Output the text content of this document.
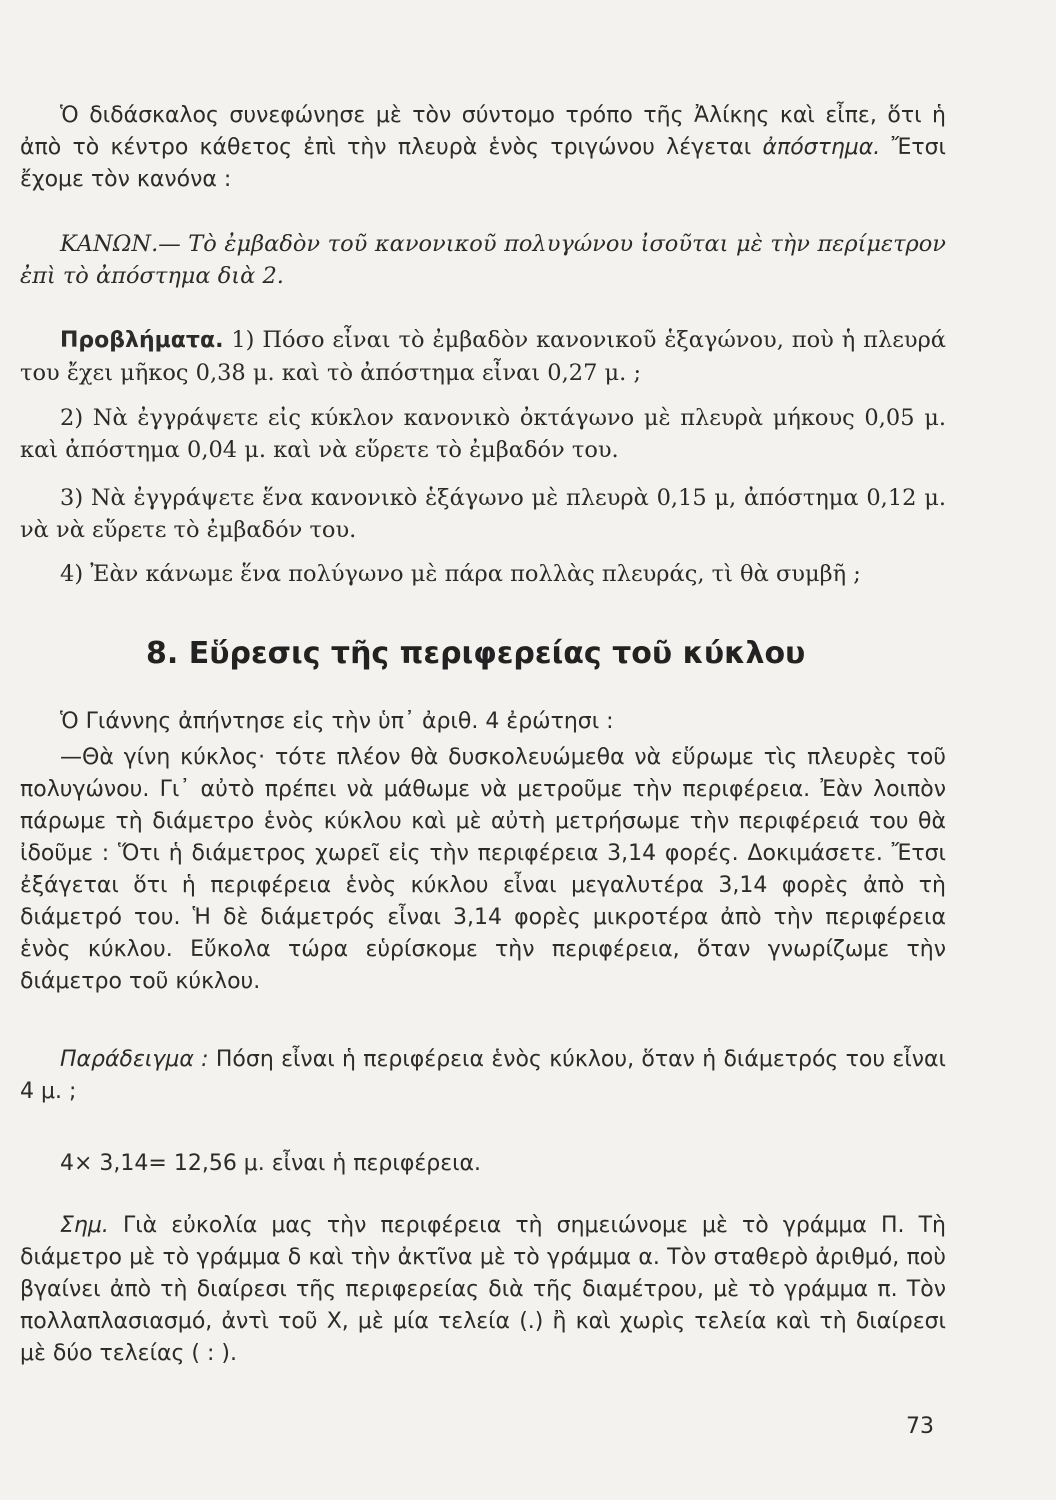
Ὁ διδάσκαλος συνεφώνησε μὲ τὸν σύντομο τρόπο τῆς Ἀλίκης καὶ εἶπε, ὅτι ἡ ἀπὸ τὸ κέντρο κάθετος ἐπὶ τὴν πλευρὰ ἑνὸς τριγώνου λέγεται ἀπόστημα. Ἔτσι ἔχομε τὸν κανόνα :

ΚΑΝΩΝ.— Τὸ ἐμβαδὸν τοῦ κανονικοῦ πολυγώνου ἰσοῦται μὲ τὴν περίμετρον ἐπὶ τὸ ἀπόστημα διὰ 2.

Προβλήματα. 1) Πόσο εἶναι τὸ ἐμβαδὸν κανονικοῦ ἑξαγώνου, ποὺ ἡ πλευρά του ἔχει μῆκος 0,38 μ. καὶ τὸ ἀπόστημα εἶναι 0,27 μ. ;

2) Νὰ ἐγγράψετε εἰς κύκλον κανονικὸ ὀκτάγωνο μὲ πλευρὰ μήκους 0,05 μ. καὶ ἀπόστημα 0,04 μ. καὶ νὰ εὕρετε τὸ ἐμβαδόν του.

3) Νὰ ἐγγράψετε ἕνα κανονικὸ ἑξάγωνο μὲ πλευρὰ 0,15 μ, ἀπόστημα 0,12 μ. νὰ νὰ εὕρετε τὸ ἐμβαδόν του.

4) Ἐὰν κάνωμε ἕνα πολύγωνο μὲ πάρα πολλὰς πλευράς, τὶ θὰ συμβῆ ;

8. Εὕρεσις τῆς περιφερείας τοῦ κύκλου

Ὁ Γιάννης ἀπήντησε εἰς τὴν ὑπ᾿ ἀριθ. 4 ἐρώτησι :

—Θὰ γίνη κύκλος· τότε πλέον θὰ δυσκολευώμεθα νὰ εὕρωμε τὶς πλευρὲς τοῦ πολυγώνου. Γι᾿ αὐτὸ πρέπει νὰ μάθωμε νὰ μετροῦμε τὴν περιφέρεια. Ἐὰν λοιπὸν πάρωμε τὴ διάμετρο ἑνὸς κύκλου καὶ μὲ αὐτὴ μετρήσωμε τὴν περιφέρειά του θὰ ἰδοῦμε : Ὅτι ἡ διάμετρος χωρεῖ εἰς τὴν περιφέρεια 3,14 φορές. Δοκιμάσετε. Ἔτσι ἐξάγεται ὅτι ἡ περιφέρεια ἑνὸς κύκλου εἶναι μεγαλυτέρα 3,14 φορὲς ἀπὸ τὴ διάμετρό του. Ἡ δὲ διάμετρός εἶναι 3,14 φορὲς μικροτέρα ἀπὸ τὴν περιφέρεια ἑνὸς κύκλου. Εὔκολα τώρα εὑρίσκομε τὴν περιφέρεια, ὅταν γνωρίζωμε τὴν διάμετρο τοῦ κύκλου.

Παράδειγμα : Πόση εἶναι ἡ περιφέρεια ἑνὸς κύκλου, ὅταν ἡ διάμετρός του εἶναι 4 μ. ;

4× 3,14= 12,56 μ. εἶναι ἡ περιφέρεια.

Σημ. Γιὰ εὐκολία μας τὴν περιφέρεια τὴ σημειώνομε μὲ τὸ γράμμα Π. Τὴ διάμετρο μὲ τὸ γράμμα δ καὶ τὴν ἀκτῖνα μὲ τὸ γράμμα α. Τὸν σταθερὸ ἀριθμό, ποὺ βγαίνει ἀπὸ τὴ διαίρεσι τῆς περιφερείας διὰ τῆς διαμέτρου, μὲ τὸ γράμμα π. Τὸν πολλαπλασιασμό, ἀντὶ τοῦ Χ, μὲ μία τελεία (.) ἢ καὶ χωρὶς τελεία καὶ τὴ διαίρεσι μὲ δύο τελείας ( : ).

73
